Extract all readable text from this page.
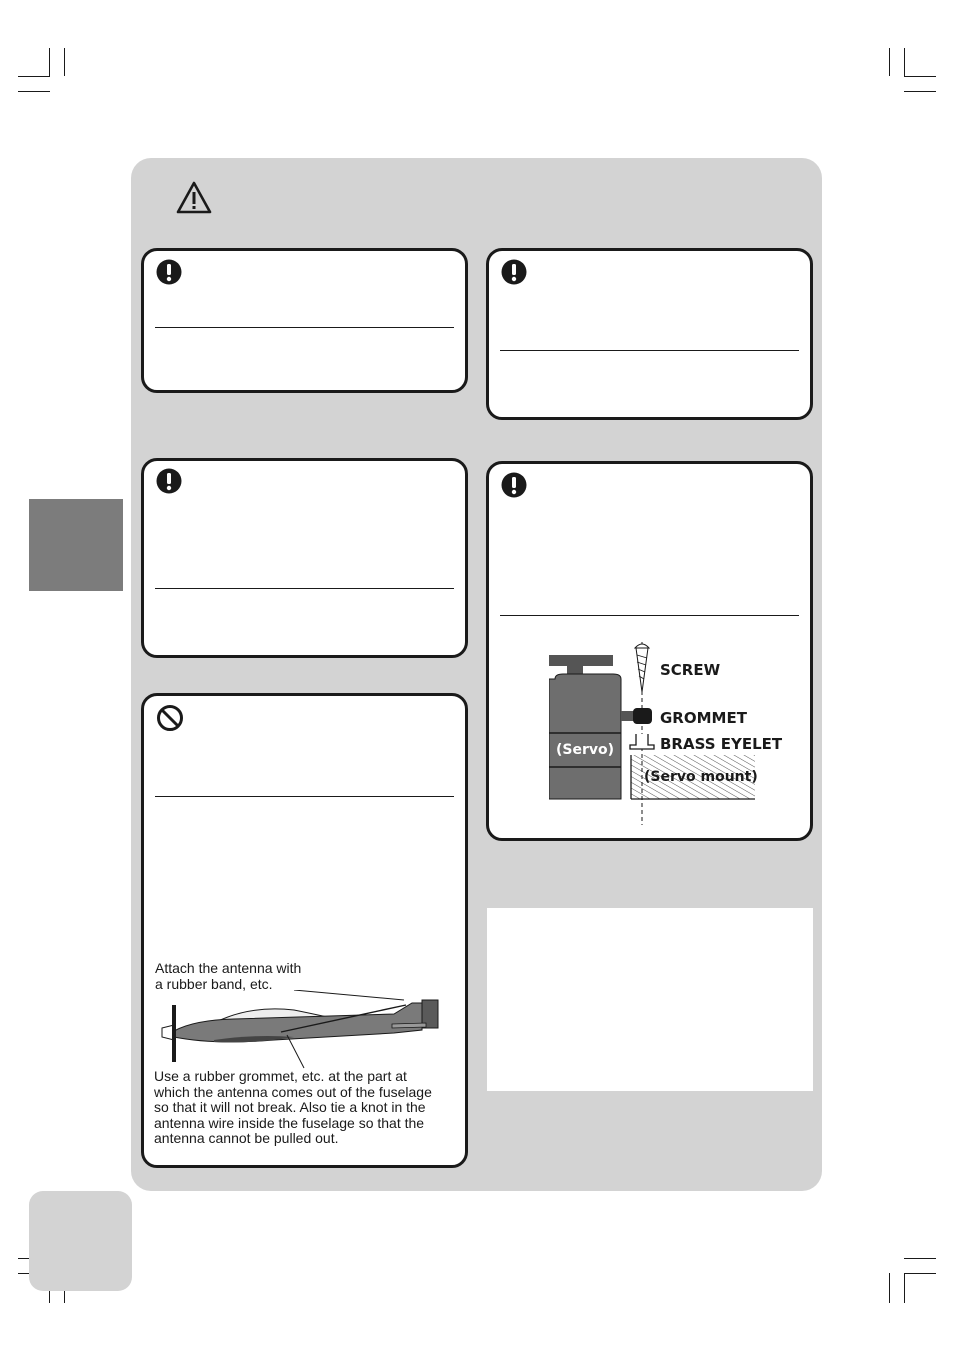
Attach the antenna with
a rubber band, etc.
Use a rubber grommet, etc. at the part at
which the antenna comes out of the fuselage
so that it will not break. Also tie a knot in the
antenna wire inside the fuselage so that the
antenna cannot be pulled out.
SCREW
GROMMET
BRASS EYELET
(Servo)
(Servo mount)
